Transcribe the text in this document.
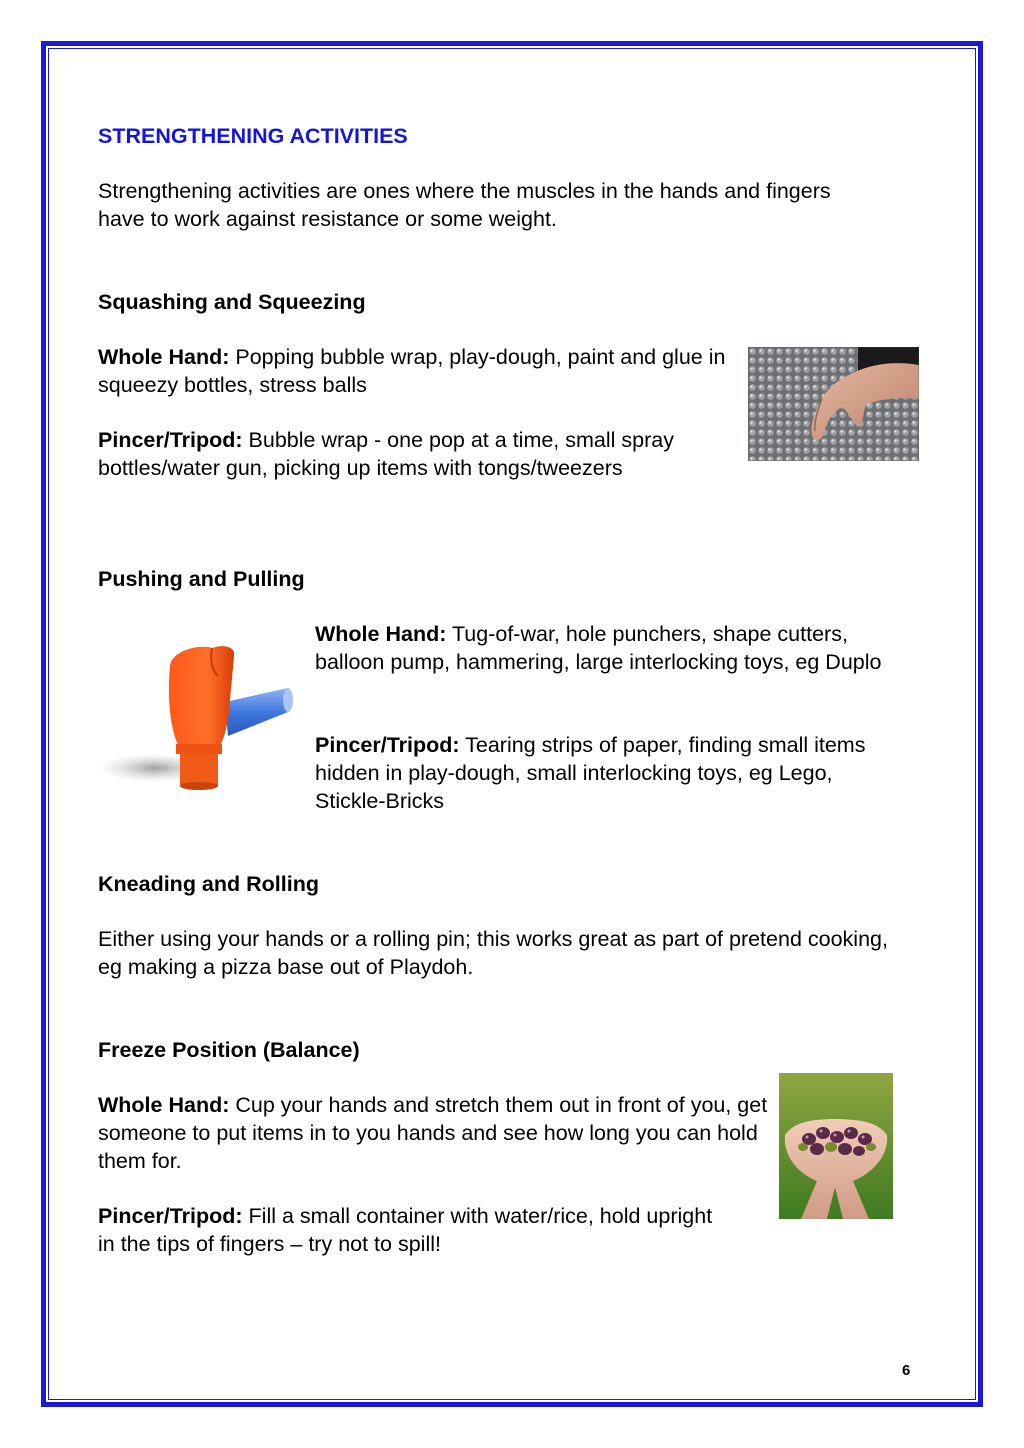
STRENGTHENING ACTIVITIES

Strengthening activities are ones where the muscles in the hands and fingers have to work against resistance or some weight.

Squashing and Squeezing

Whole Hand: Popping bubble wrap, play-dough, paint and glue in squeezy bottles, stress balls

Pincer/Tripod: Bubble wrap - one pop at a time, small spray bottles/water gun, picking up items with tongs/tweezers

Pushing and Pulling

Whole Hand: Tug-of-war, hole punchers, shape cutters, balloon pump, hammering, large interlocking toys, eg Duplo

Pincer/Tripod: Tearing strips of paper, finding small items hidden in play-dough, small interlocking toys, eg Lego, Stickle-Bricks

Kneading and Rolling

Either using your hands or a rolling pin; this works great as part of pretend cooking, eg making a pizza base out of Playdoh.

Freeze Position (Balance)

Whole Hand: Cup your hands and stretch them out in front of you, get someone to put items in to you hands and see how long you can hold them for.

Pincer/Tripod: Fill a small container with water/rice, hold upright in the tips of fingers – try not to spill!

6
